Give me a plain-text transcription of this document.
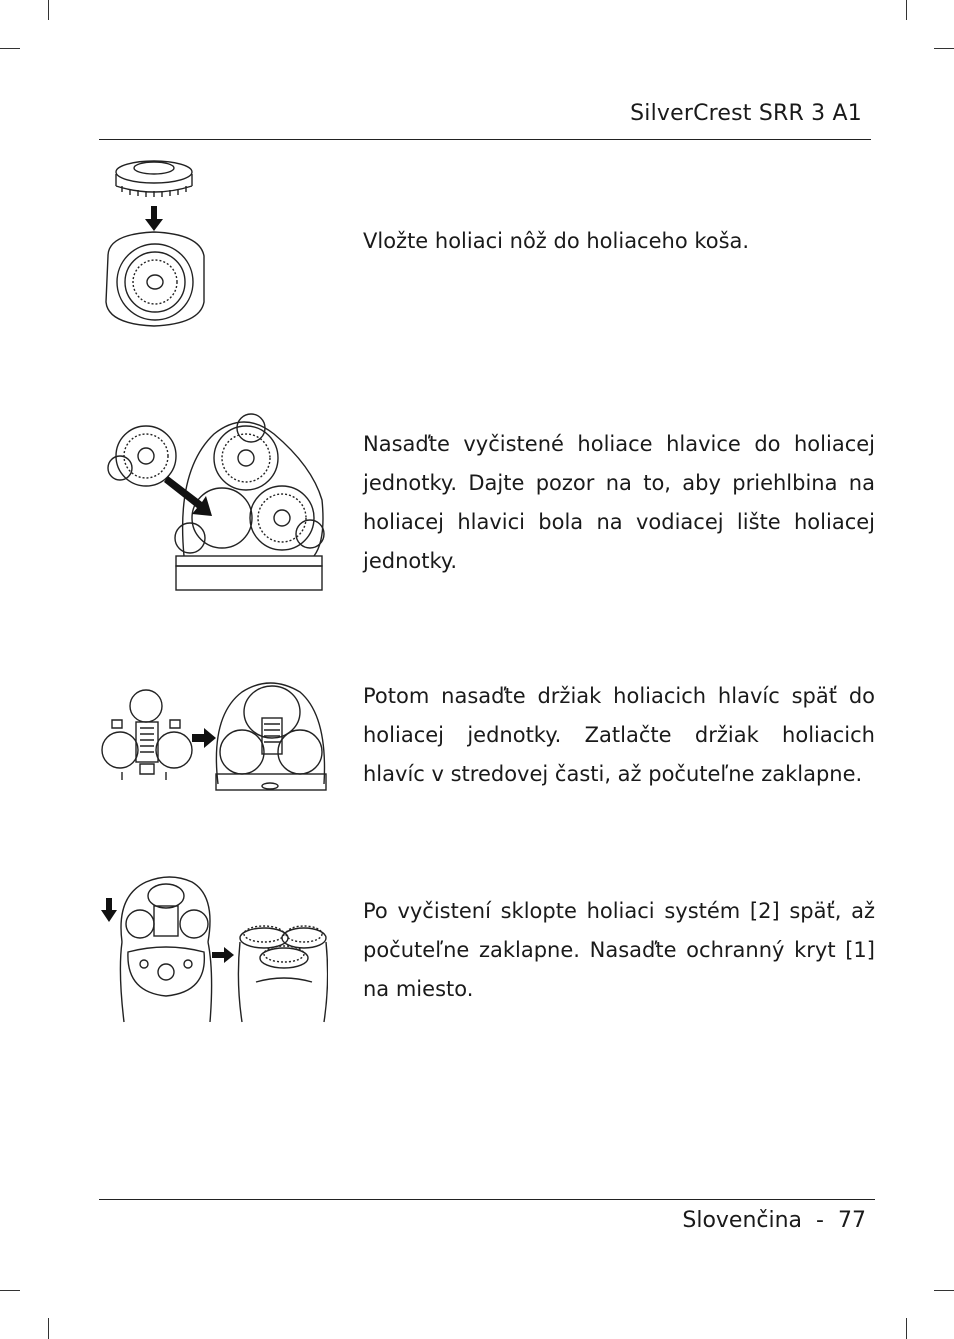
SilverCrest SRR 3 A1

Vložte holiaci nôž do holiaceho koša.

Nasaďte vyčistené holiace hlavice do holiacej jednotky. Dajte pozor na to, aby priehlbina na holiacej hlavici bola na vodiacej lište holiacej jednotky.

Potom nasaďte držiak holiacich hlavíc späť do holiacej jednotky. Zatlačte držiak holiacich hlavíc v stredovej časti, až počuteľne zaklapne.

Po vyčistení sklopte holiaci systém [2] späť, až počuteľne zaklapne. Nasaďte ochranný kryt [1] na miesto.

Slovenčina - 77
